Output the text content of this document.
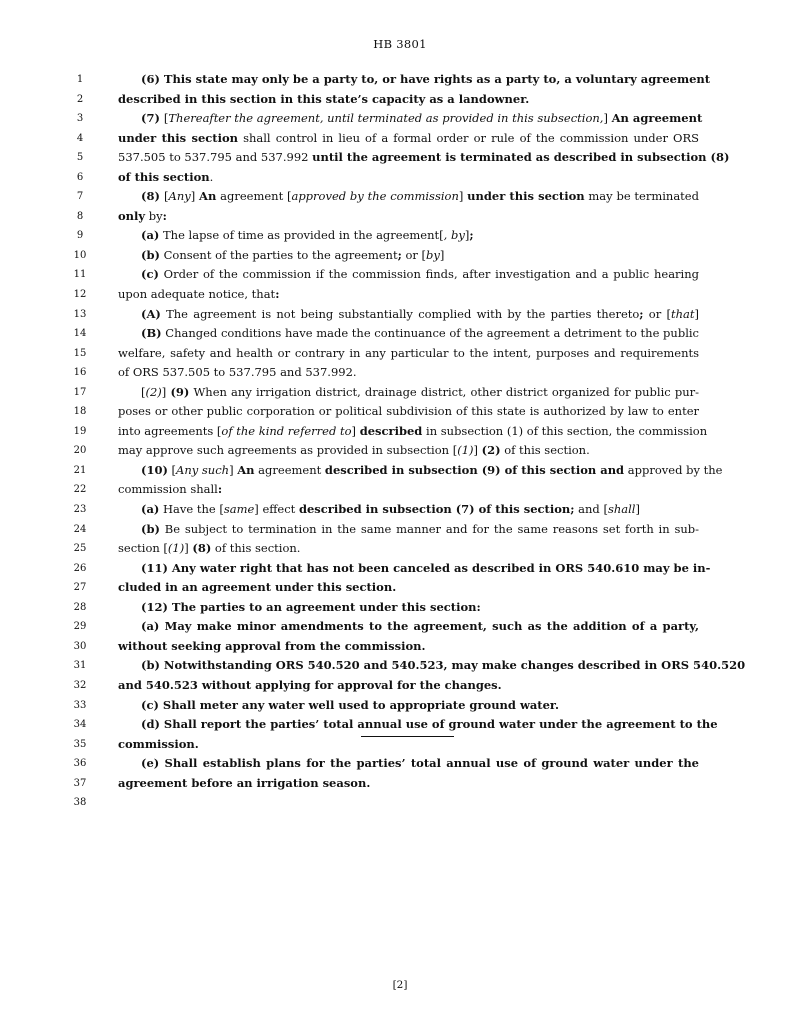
HB 3801
1	(6) This state may only be a party to, or have rights as a party to, a voluntary agreement
2	described in this section in this state’s capacity as a landowner.
3	(7) [Thereafter the agreement, until terminated as provided in this subsection,] An agreement
4	under this section shall control in lieu of a formal order or rule of the commission under ORS
5	537.505 to 537.795 and 537.992 until the agreement is terminated as described in subsection (8)
6	of this section.
7	(8) [Any] An agreement [approved by the commission] under this section may be terminated
8	only by:
9	(a) The lapse of time as provided in the agreement[, by];
10	(b) Consent of the parties to the agreement; or [by]
11	(c) Order of the commission if the commission finds, after investigation and a public hearing
12	upon adequate notice, that:
13	(A) The agreement is not being substantially complied with by the parties thereto; or [that]
14	(B) Changed conditions have made the continuance of the agreement a detriment to the public
15	welfare, safety and health or contrary in any particular to the intent, purposes and requirements
16	of ORS 537.505 to 537.795 and 537.992.
17	[(2)] (9) When any irrigation district, drainage district, other district organized for public pur-
18	poses or other public corporation or political subdivision of this state is authorized by law to enter
19	into agreements [of the kind referred to] described in subsection (1) of this section, the commission
20	may approve such agreements as provided in subsection [(1)] (2) of this section.
21	(10) [Any such] An agreement described in subsection (9) of this section and approved by the
22	commission shall:
23	(a) Have the [same] effect described in subsection (7) of this section; and [shall]
24	(b) Be subject to termination in the same manner and for the same reasons set forth in sub-
25	section [(1)] (8) of this section.
26	(11) Any water right that has not been canceled as described in ORS 540.610 may be in-
27	cluded in an agreement under this section.
28	(12) The parties to an agreement under this section:
29	(a) May make minor amendments to the agreement, such as the addition of a party,
30	without seeking approval from the commission.
31	(b) Notwithstanding ORS 540.520 and 540.523, may make changes described in ORS 540.520
32	and 540.523 without applying for approval for the changes.
33	(c) Shall meter any water well used to appropriate ground water.
34	(d) Shall report the parties’ total annual use of ground water under the agreement to the
35	commission.
36	(e) Shall establish plans for the parties’ total annual use of ground water under the
37	agreement before an irrigation season.
38
[2]
